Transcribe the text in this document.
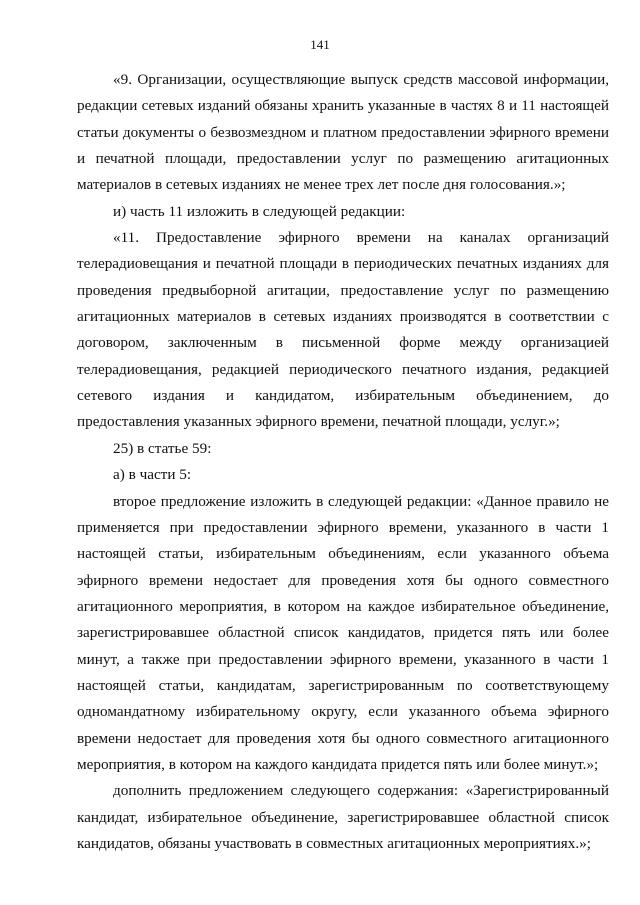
141

«9. Организации, осуществляющие выпуск средств массовой информации, редакции сетевых изданий обязаны хранить указанные в частях 8 и 11 настоящей статьи документы о безвозмездном и платном предоставлении эфирного времени и печатной площади, предоставлении услуг по размещению агитационных материалов в сетевых изданиях не менее трех лет после дня голосования.»;

и) часть 11 изложить в следующей редакции:

«11. Предоставление эфирного времени на каналах организаций телерадиовещания и печатной площади в периодических печатных изданиях для проведения предвыборной агитации, предоставление услуг по размещению агитационных материалов в сетевых изданиях производятся в соответствии с договором, заключенным в письменной форме между организацией телерадиовещания, редакцией периодического печатного издания, редакцией сетевого издания и кандидатом, избирательным объединением, до предоставления указанных эфирного времени, печатной площади, услуг.»;

25) в статье 59:

а) в части 5:

второе предложение изложить в следующей редакции: «Данное правило не применяется при предоставлении эфирного времени, указанного в части 1 настоящей статьи, избирательным объединениям, если указанного объема эфирного времени недостает для проведения хотя бы одного совместного агитационного мероприятия, в котором на каждое избирательное объединение, зарегистрировавшее областной список кандидатов, придется пять или более минут, а также при предоставлении эфирного времени, указанного в части 1 настоящей статьи, кандидатам, зарегистрированным по соответствующему одномандатному избирательному округу, если указанного объема эфирного времени недостает для проведения хотя бы одного совместного агитационного мероприятия, в котором на каждого кандидата придется пять или более минут.»;

дополнить предложением следующего содержания: «Зарегистрированный кандидат, избирательное объединение, зарегистрировавшее областной список кандидатов, обязаны участвовать в совместных агитационных мероприятиях.»;
